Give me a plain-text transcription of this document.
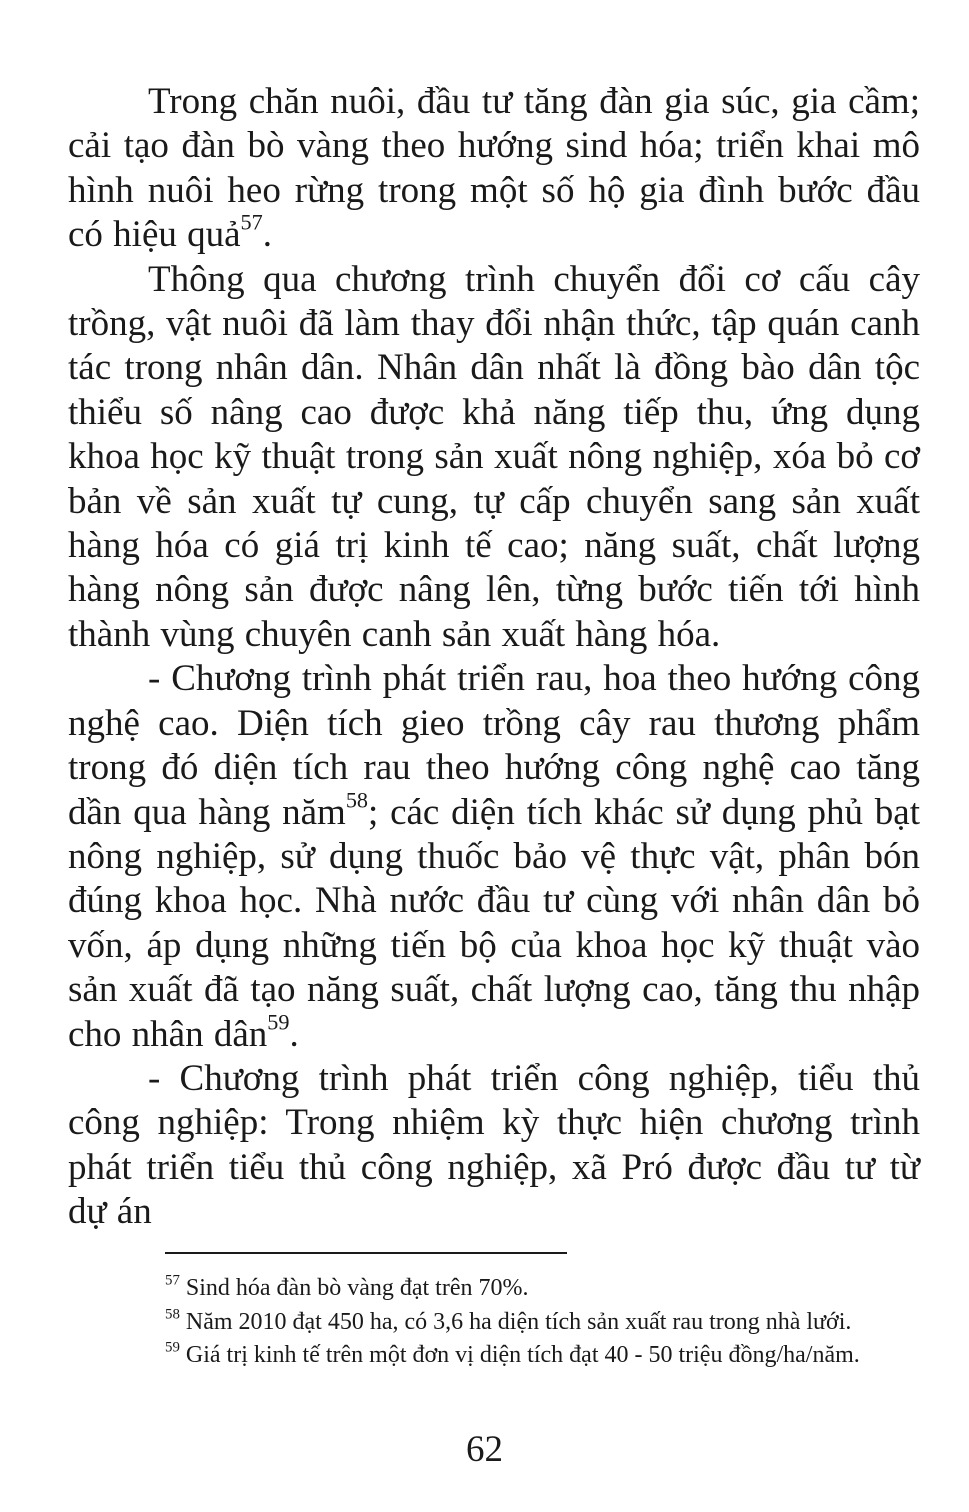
Trong chăn nuôi, đầu tư tăng đàn gia súc, gia cầm; cải tạo đàn bò vàng theo hướng sind hóa; triển khai mô hình nuôi heo rừng trong một số hộ gia đình bước đầu có hiệu quả$^{57}$.

Thông qua chương trình chuyển đổi cơ cấu cây trồng, vật nuôi đã làm thay đổi nhận thức, tập quán canh tác trong nhân dân. Nhân dân nhất là đồng bào dân tộc thiểu số nâng cao được khả năng tiếp thu, ứng dụng khoa học kỹ thuật trong sản xuất nông nghiệp, xóa bỏ cơ bản về sản xuất tự cung, tự cấp chuyển sang sản xuất hàng hóa có giá trị kinh tế cao; năng suất, chất lượng hàng nông sản được nâng lên, từng bước tiến tới hình thành vùng chuyên canh sản xuất hàng hóa.

- Chương trình phát triển rau, hoa theo hướng công nghệ cao. Diện tích gieo trồng cây rau thương phẩm trong đó diện tích rau theo hướng công nghệ cao tăng dần qua hàng năm$^{58}$; các diện tích khác sử dụng phủ bạt nông nghiệp, sử dụng thuốc bảo vệ thực vật, phân bón đúng khoa học. Nhà nước đầu tư cùng với nhân dân bỏ vốn, áp dụng những tiến bộ của khoa học kỹ thuật vào sản xuất đã tạo năng suất, chất lượng cao, tăng thu nhập cho nhân dân$^{59}$.

- Chương trình phát triển công nghiệp, tiểu thủ công nghiệp: Trong nhiệm kỳ thực hiện chương trình phát triển tiểu thủ công nghiệp, xã Pró được đầu tư từ dự án

$^{57}$ Sind hóa đàn bò vàng đạt trên 70%.

$^{58}$ Năm 2010 đạt 450 ha, có 3,6 ha diện tích sản xuất rau trong nhà lưới.

$^{59}$ Giá trị kinh tế trên một đơn vị diện tích đạt 40 - 50 triệu đồng/ha/năm.

62
